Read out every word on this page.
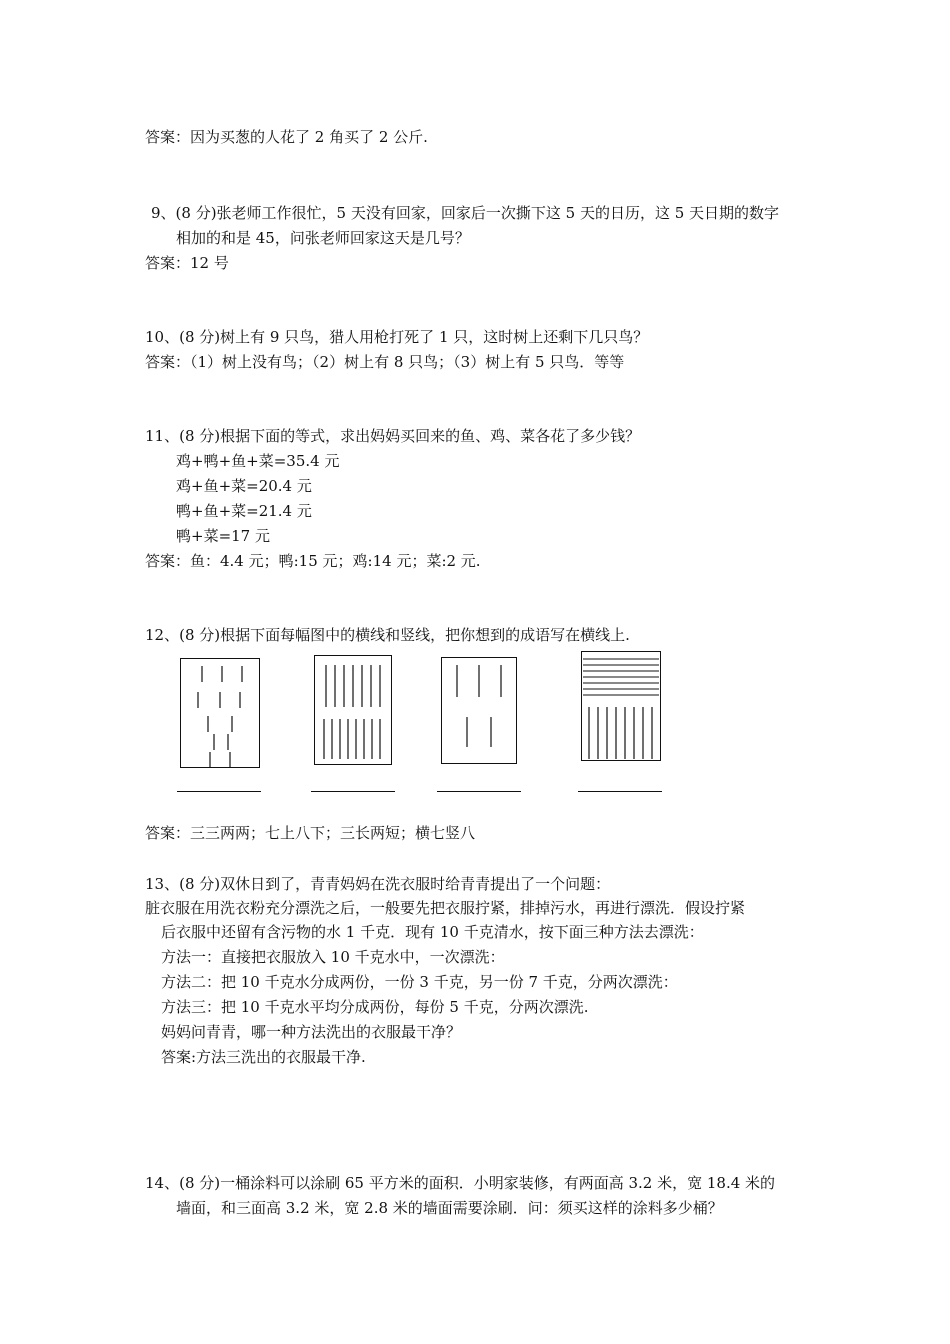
答案：因为买葱的人花了 2 角买了 2 公斤.
9、(8 分)张老师工作很忙，5 天没有回家，回家后一次撕下这 5 天的日历，这 5 天日期的数字
相加的和是 45，问张老师回家这天是几号？
答案：12 号
10、(8 分)树上有 9 只鸟，猎人用枪打死了 1 只，这时树上还剩下几只鸟？
答案：（1）树上没有鸟；（2）树上有 8 只鸟；（3）树上有 5 只鸟．等等
11、(8 分)根据下面的等式，求出妈妈买回来的鱼、鸡、菜各花了多少钱？
鸡+鸭+鱼+菜=35.4 元
鸡+鱼+菜=20.4 元
鸭+鱼+菜=21.4 元
鸭+菜=17 元
答案：鱼：4.4 元；鸭:15 元；鸡:14 元；菜:2 元.
12、(8 分)根据下面每幅图中的横线和竖线，把你想到的成语写在横线上.
答案：三三两两；七上八下；三长两短；横七竖八
13、(8 分)双休日到了，青青妈妈在洗衣服时给青青提出了一个问题：
脏衣服在用洗衣粉充分漂洗之后，一般要先把衣服拧紧，排掉污水，再进行漂洗．假设拧紧
后衣服中还留有含污物的水 1 千克．现有 10 千克清水，按下面三种方法去漂洗：
方法一：直接把衣服放入 10 千克水中，一次漂洗：
方法二：把 10 千克水分成两份，一份 3 千克，另一份 7 千克，分两次漂洗：
方法三：把 10 千克水平均分成两份，每份 5 千克，分两次漂洗.
妈妈问青青，哪一种方法洗出的衣服最干净？
答案:方法三洗出的衣服最干净.
14、(8 分)一桶涂料可以涂刷 65 平方米的面积．小明家装修，有两面高 3.2 米，宽 18.4 米的
墙面，和三面高 3.2 米，宽 2.8 米的墙面需要涂刷．问：须买这样的涂料多少桶？
